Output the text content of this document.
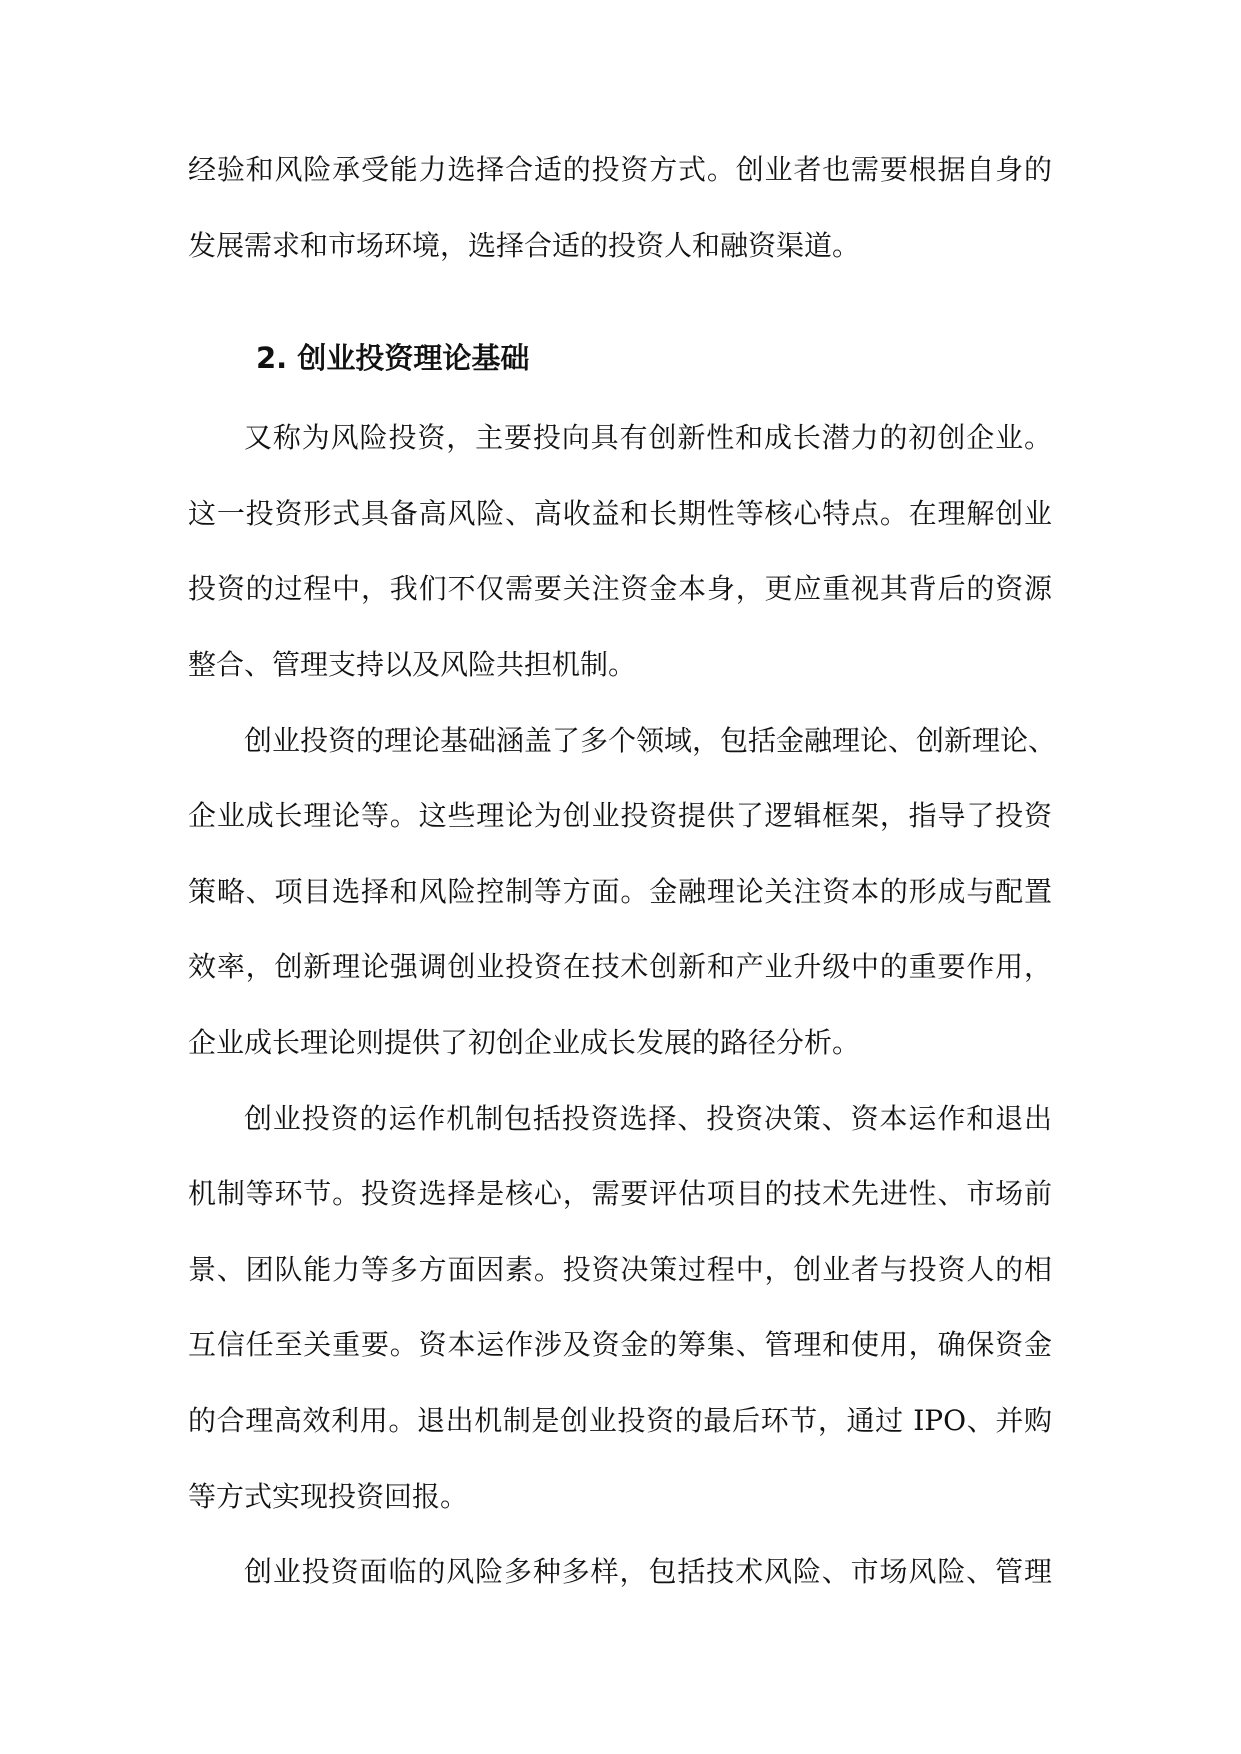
经验和风险承受能力选择合适的投资方式。创业者也需要根据自身的
发展需求和市场环境，选择合适的投资人和融资渠道。
2. 创业投资理论基础
又称为风险投资，主要投向具有创新性和成长潜力的初创企业。
这一投资形式具备高风险、高收益和长期性等核心特点。在理解创业
投资的过程中，我们不仅需要关注资金本身，更应重视其背后的资源
整合、管理支持以及风险共担机制。
创业投资的理论基础涵盖了多个领域，包括金融理论、创新理论、
企业成长理论等。这些理论为创业投资提供了逻辑框架，指导了投资
策略、项目选择和风险控制等方面。金融理论关注资本的形成与配置
效率，创新理论强调创业投资在技术创新和产业升级中的重要作用，
企业成长理论则提供了初创企业成长发展的路径分析。
创业投资的运作机制包括投资选择、投资决策、资本运作和退出
机制等环节。投资选择是核心，需要评估项目的技术先进性、市场前
景、团队能力等多方面因素。投资决策过程中，创业者与投资人的相
互信任至关重要。资本运作涉及资金的筹集、管理和使用，确保资金
的合理高效利用。退出机制是创业投资的最后环节，通过 IPO、并购
等方式实现投资回报。
创业投资面临的风险多种多样，包括技术风险、市场风险、管理
